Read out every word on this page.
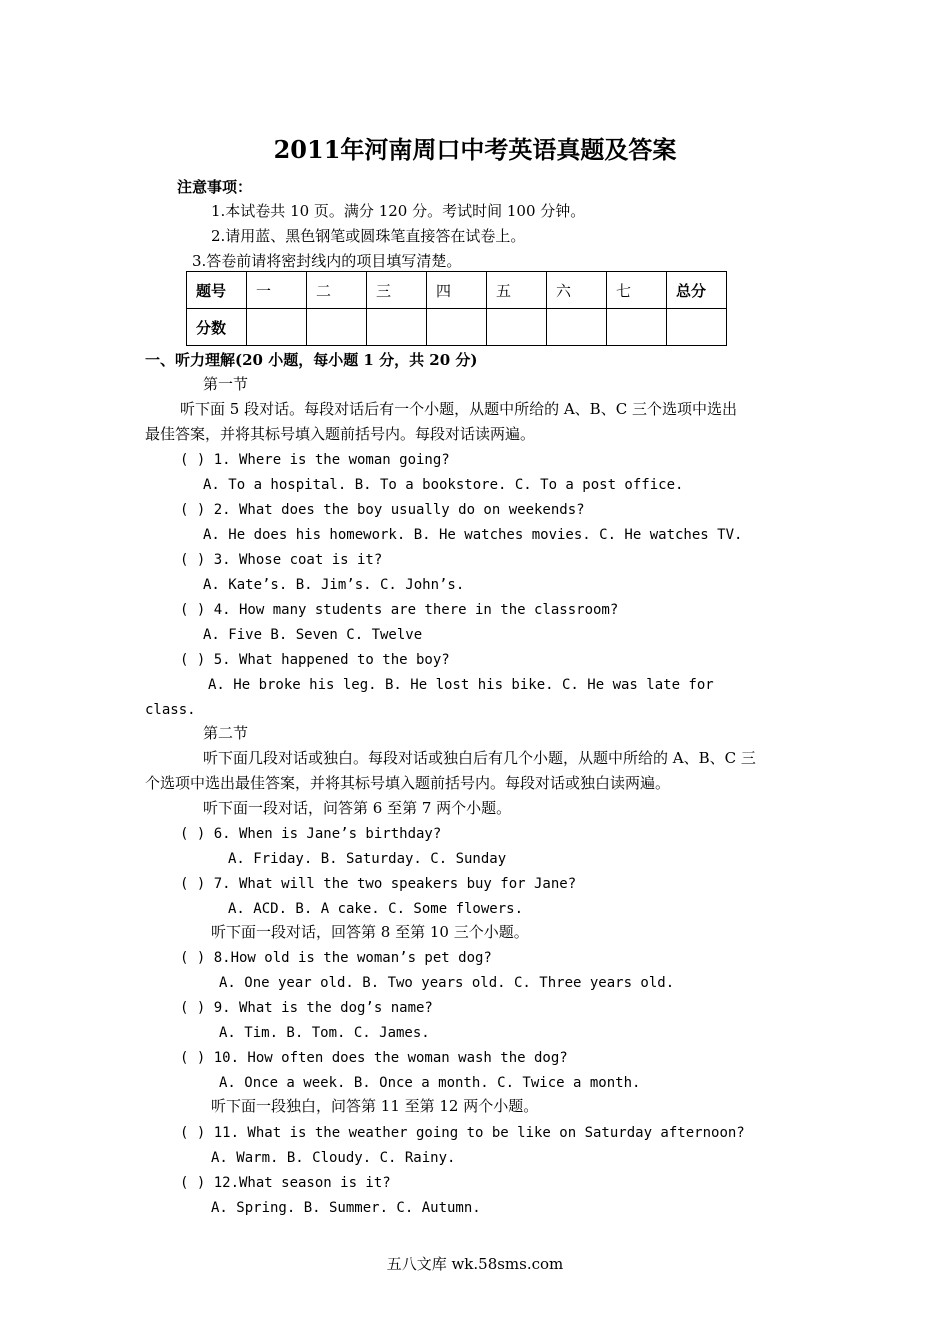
2011年河南周口中考英语真题及答案
注意事项：
1.本试卷共 10 页。满分 120 分。考试时间 100 分钟。
2.请用蓝、黑色钢笔或圆珠笔直接答在试卷上。
3.答卷前请将密封线内的项目填写清楚。
题号	一	二	三	四	五	六	七	总分
分数								
一、听力理解(20 小题，每小题 1 分，共 20 分)
第一节
听下面 5 段对话。每段对话后有一个小题，从题中所给的 A、B、C 三个选项中选出
最佳答案，并将其标号填入题前括号内。每段对话读两遍。
( ) 1. Where is the woman going?
A. To a hospital. B. To a bookstore. C. To a post office.
( ) 2. What does the boy usually do on weekends?
A. He does his homework. B. He watches movies. C. He watches TV.
( ) 3. Whose coat is it?
A. Kate’s. B. Jim’s. C. John’s.
( ) 4. How many students are there in the classroom?
A. Five B. Seven C. Twelve
( ) 5. What happened to the boy?
A. He broke his leg. B. He lost his bike. C. He was late for
class.
第二节
听下面几段对话或独白。每段对话或独白后有几个小题，从题中所给的 A、B、C 三
个选项中选出最佳答案，并将其标号填入题前括号内。每段对话或独白读两遍。
听下面一段对话，问答第 6 至第 7 两个小题。
( ) 6. When is Jane’s birthday?
A. Friday. B. Saturday. C. Sunday
( ) 7. What will the two speakers buy for Jane?
A. ACD. B. A cake. C. Some flowers.
听下面一段对话，回答第 8 至第 10 三个小题。
( ) 8.How old is the woman’s pet dog?
A. One year old. B. Two years old. C. Three years old.
( ) 9. What is the dog’s name?
A. Tim. B. Tom. C. James.
( ) 10. How often does the woman wash the dog?
A. Once a week. B. Once a month. C. Twice a month.
听下面一段独白，问答第 11 至第 12 两个小题。
( ) 11. What is the weather going to be like on Saturday afternoon?
A. Warm. B. Cloudy. C. Rainy.
( ) 12.What season is it?
A. Spring. B. Summer. C. Autumn.
五八文库 wk.58sms.com
